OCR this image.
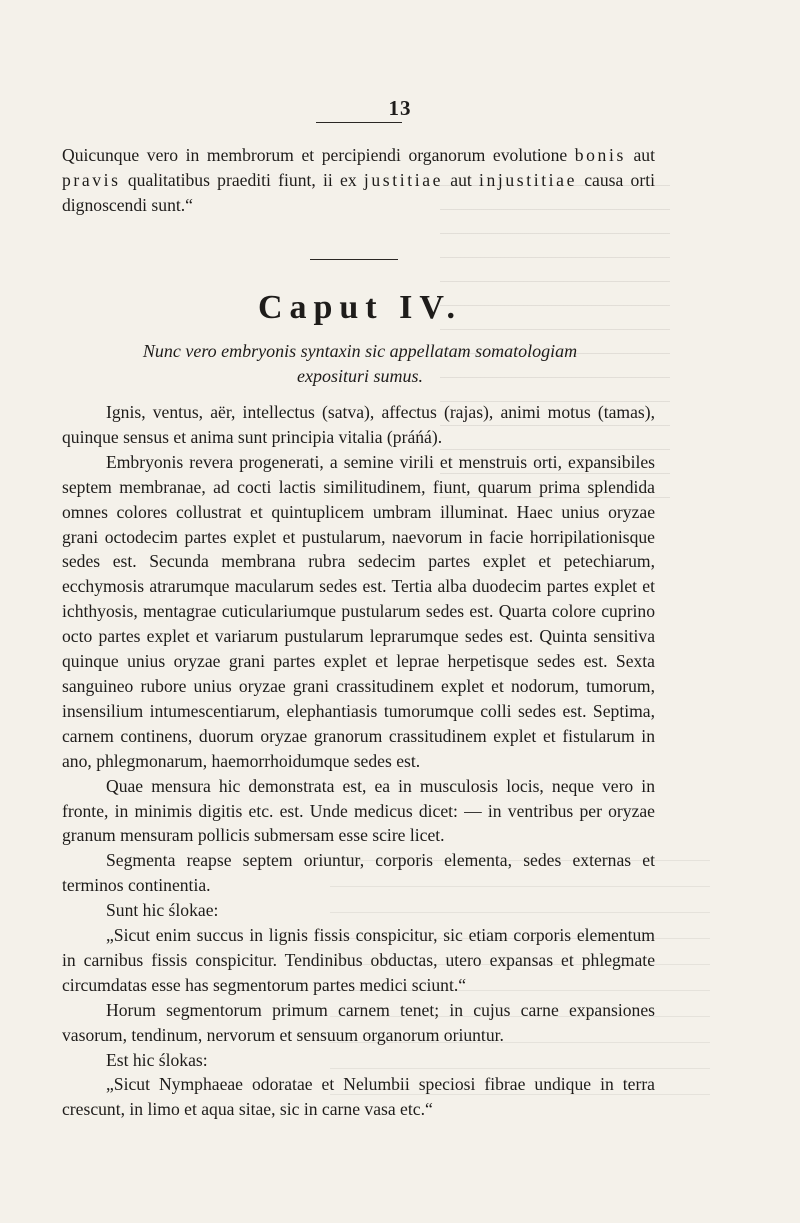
13

Quicunque vero in membrorum et percipiendi organorum evolutione bonis aut pravis qualitatibus praediti fiunt, ii ex justitiae aut injustitiae causa orti dignoscendi sunt.“

Caput IV.
Nunc vero embryonis syntaxin sic appellatam somatologiam
exposituri sumus.

Ignis, ventus, aër, intellectus (satva), affectus (rajas), animi motus (tamas), quinque sensus et anima sunt principia vitalia (práńá).

Embryonis revera progenerati, a semine virili et menstruis orti, expansibiles septem membranae, ad cocti lactis similitudinem, fiunt, quarum prima splendida omnes colores collustrat et quintuplicem umbram illuminat. Haec unius oryzae grani octodecim partes explet et pustularum, naevorum in facie horripilationisque sedes est. Secunda membrana rubra sedecim partes explet et petechiarum, ecchymosis atrarumque macularum sedes est. Tertia alba duodecim partes explet et ichthyosis, mentagrae cuticulariumque pustularum sedes est. Quarta colore cuprino octo partes explet et variarum pustularum leprarumque sedes est. Quinta sensitiva quinque unius oryzae grani partes explet et leprae herpetisque sedes est. Sexta sanguineo rubore unius oryzae grani crassitudinem explet et nodorum, tumorum, insensilium intumescentiarum, elephantiasis tumorumque colli sedes est. Septima, carnem continens, duorum oryzae granorum crassitudinem explet et fistularum in ano, phlegmonarum, haemorrhoidumque sedes est.

Quae mensura hic demonstrata est, ea in musculosis locis, neque vero in fronte, in minimis digitis etc. est. Unde medicus dicet: — in ventribus per oryzae granum mensuram pollicis submersam esse scire licet.

Segmenta reapse septem oriuntur, corporis elementa, sedes externas et terminos continentia.

Sunt hic ślokae:

„Sicut enim succus in lignis fissis conspicitur, sic etiam corporis elementum in carnibus fissis conspicitur. Tendinibus obductas, utero expansas et phlegmate circumdatas esse has segmentorum partes medici sciunt.“

Horum segmentorum primum carnem tenet; in cujus carne expansiones vasorum, tendinum, nervorum et sensuum organorum oriuntur.

Est hic ślokas:

„Sicut Nymphaeae odoratae et Nelumbii speciosi fibrae undique in terra crescunt, in limo et aqua sitae, sic in carne vasa etc.“
